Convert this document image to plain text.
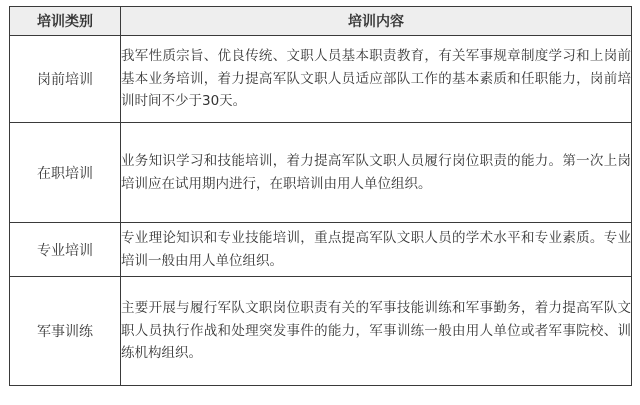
培训类别	培训内容
岗前培训	我军性质宗旨、优良传统、文职人员基本职责教育，有关军事规章制度学习和上岗前基本业务培训，着力提高军队文职人员适应部队工作的基本素质和任职能力，岗前培训时间不少于30天。
在职培训	业务知识学习和技能培训，着力提高军队文职人员履行岗位职责的能力。第一次上岗培训应在试用期内进行，在职培训由用人单位组织。
专业培训	专业理论知识和专业技能培训，重点提高军队文职人员的学术水平和专业素质。专业培训一般由用人单位组织。
军事训练	主要开展与履行军队文职岗位职责有关的军事技能训练和军事勤务，着力提高军队文职人员执行作战和处理突发事件的能力，军事训练一般由用人单位或者军事院校、训练机构组织。
